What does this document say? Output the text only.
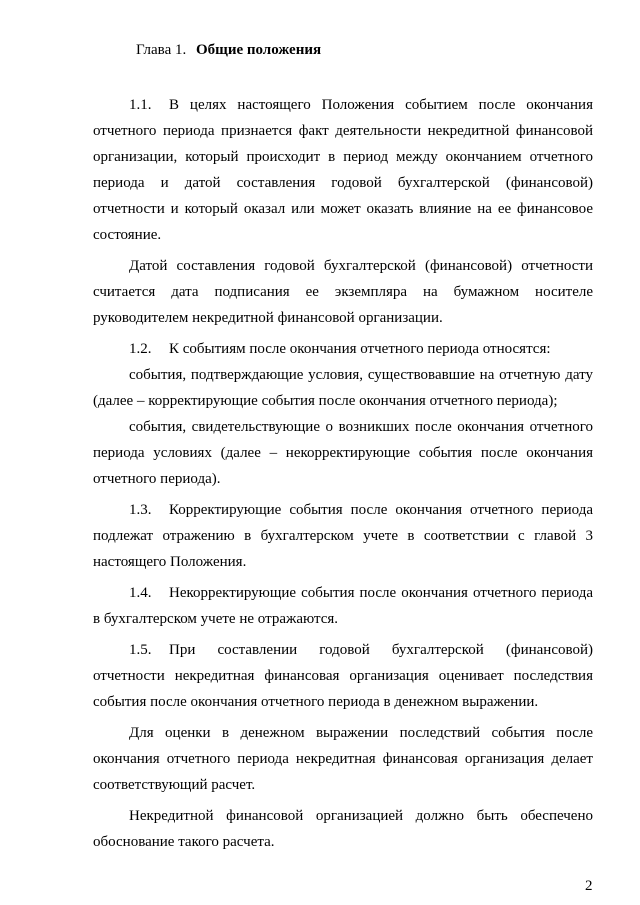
Глава 1. Общие положения

1.1. В целях настоящего Положения событием после окончания отчетного периода признается факт деятельности некредитной финансовой организации, который происходит в период между окончанием отчетного периода и датой составления годовой бухгалтерской (финансовой) отчетности и который оказал или может оказать влияние на ее финансовое состояние.

Датой составления годовой бухгалтерской (финансовой) отчетности считается дата подписания ее экземпляра на бумажном носителе руководителем некредитной финансовой организации.

1.2. К событиям после окончания отчетного периода относятся:

события, подтверждающие условия, существовавшие на отчетную дату (далее – корректирующие события после окончания отчетного периода);

события, свидетельствующие о возникших после окончания отчетного периода условиях (далее – некорректирующие события после окончания отчетного периода).

1.3. Корректирующие события после окончания отчетного периода подлежат отражению в бухгалтерском учете в соответствии с главой 3 настоящего Положения.

1.4. Некорректирующие события после окончания отчетного периода в бухгалтерском учете не отражаются.

1.5. При составлении годовой бухгалтерской (финансовой) отчетности некредитная финансовая организация оценивает последствия события после окончания отчетного периода в денежном выражении.

Для оценки в денежном выражении последствий события после окончания отчетного периода некредитная финансовая организация делает соответствующий расчет.

Некредитной финансовой организацией должно быть обеспечено обоснование такого расчета.

2
